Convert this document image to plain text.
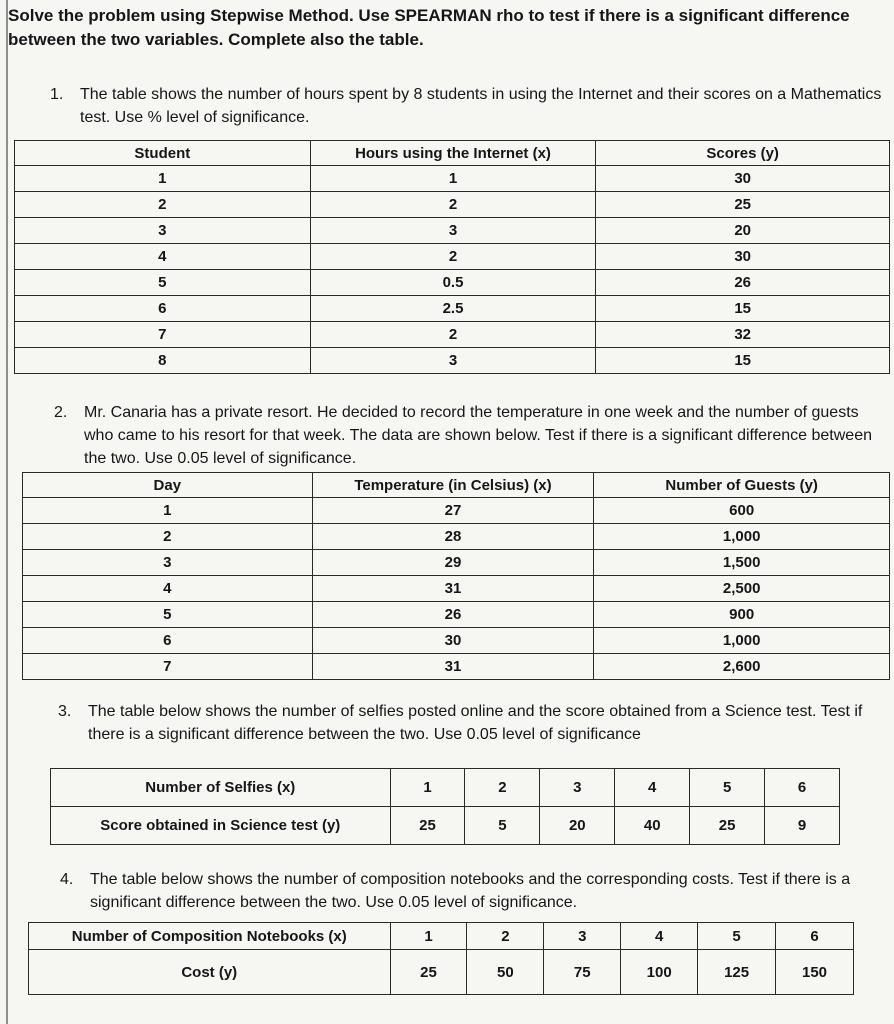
Solve the problem using Stepwise Method. Use SPEARMAN rho to test if there is a significant difference between the two variables. Complete also the table.
1. The table shows the number of hours spent by 8 students in using the Internet and their scores on a Mathematics test. Use % level of significance.
Student	Hours using the Internet (x)	Scores (y)
1	1	30
2	2	25
3	3	20
4	2	30
5	0.5	26
6	2.5	15
7	2	32
8	3	15
2. Mr. Canaria has a private resort. He decided to record the temperature in one week and the number of guests who came to his resort for that week. The data are shown below. Test if there is a significant difference between the two. Use 0.05 level of significance.
Day	Temperature (in Celsius) (x)	Number of Guests (y)
1	27	600
2	28	1,000
3	29	1,500
4	31	2,500
5	26	900
6	30	1,000
7	31	2,600
3. The table below shows the number of selfies posted online and the score obtained from a Science test. Test if there is a significant difference between the two. Use 0.05 level of significance
Number of Selfies (x)	1	2	3	4	5	6
Score obtained in Science test (y)	25	5	20	40	25	9
4. The table below shows the number of composition notebooks and the corresponding costs. Test if there is a significant difference between the two. Use 0.05 level of significance.
Number of Composition Notebooks (x)	1	2	3	4	5	6
Cost (y)	25	50	75	100	125	150
